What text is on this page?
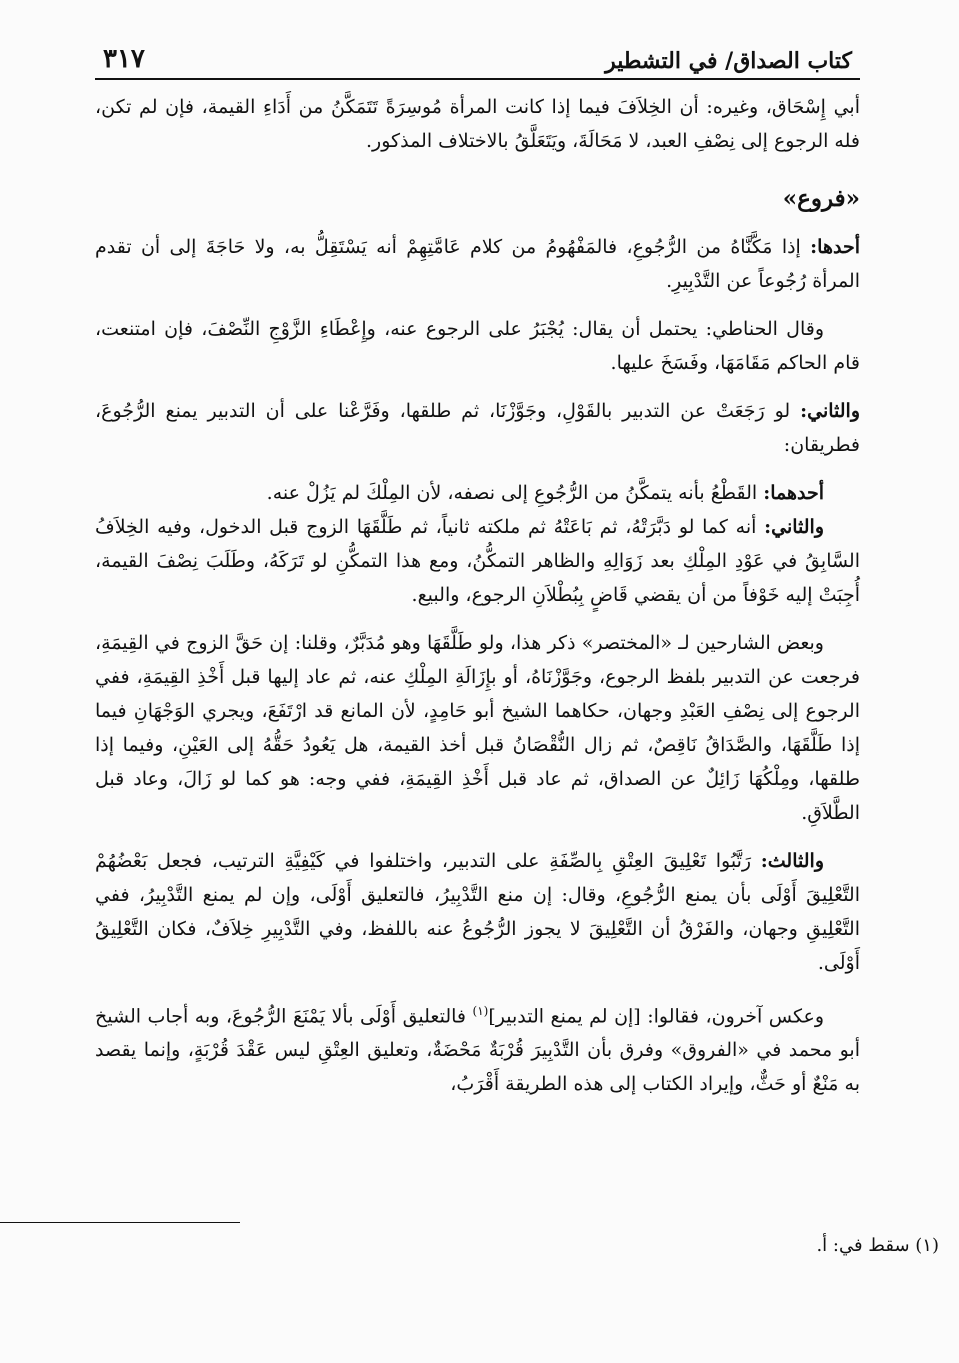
كتاب الصداق/ في التشطير
٣١٧

أبي إِسْحَاق، وغيره: أن الخِلاَفَ فيما إذا كانت المرأة مُوسِرَةً تَتَمَكَّنُ من أَدَاءِ القيمة، فإن لم تكن، فله الرجوع إلى نِصْفِ العبد، لا مَحَالَةَ، ويَتَعَلَّقُ بالاختلاف المذكور.

«فروع»

أحدها: إذا مَكَّنَّاهُ من الرُّجُوعِ، فالمَفْهُومُ من كلام عَامَّتِهِمْ أنه يَسْتَقِلُّ به، ولا حَاجَةَ إلى أن تقدم المرأة رُجُوعاً عن التَّدْبِيرِ.

وقال الحناطي: يحتمل أن يقال: يُجْبَرُ على الرجوع عنه، وإِعْطَاءِ الزَّوْجِ النِّصْفَ، فإن امتنعت، قام الحاكم مَقَامَهَا، وفَسَخَ عليها.

والثاني: لو رَجَعَتْ عن التدبير بالقَوْلِ، وجَوَّزْنَا، ثم طلقها، وفَرَّعْنا على أن التدبير يمنع الرُّجُوعَ، فطريقان:

أحدهما: القَطْعُ بأنه يتمكَّنُ من الرُّجُوعِ إلى نصفه، لأن المِلْكَ لم يَزُلْ عنه.

والثاني: أنه كما لو دَبَّرَتْهُ، ثم بَاعَتْهُ ثم ملكته ثانياً، ثم طَلَّقَهَا الزوج قبل الدخول، وفيه الخِلاَفُ السَّابِقُ في عَوْدِ المِلْكِ بعد زَوَالِهِ والظاهر التمكُّنُ، ومع هذا التمكُّنِ لو تَرَكَهُ، وطَلَبَ نِصْفَ القيمة، أُجِبَتْ إليه خَوْفاً من أن يقضي قَاضٍ بِبُطْلاَنِ الرجوع، والبيع.

وبعض الشارحين لـ «المختصر» ذكر هذا، ولو طَلَّقَهَا وهو مُدَبَّرٌ، وقلنا: إن حَقَّ الزوج في القِيمَةِ، فرجعت عن التدبير بلفظ الرجوع، وجَوَّزْنَاهُ، أو بإِزَالَةِ المِلْكِ عنه، ثم عاد إليها قبل أَخْذِ القِيمَةِ، ففي الرجوع إلى نِصْفِ العَبْدِ وجهان، حكاهما الشيخ أبو حَامِدٍ، لأن المانع قد ارْتَفَعَ، ويجري الوَجْهَانِ فيما إذا طَلَّقَهَا، والصَّدَاقُ نَاقِصٌ، ثم زال النُّقْصَانُ قبل أخذ القيمة، هل يَعُودُ حَقُّهُ إلى العَيْنِ، وفيما إذا طلقها، ومِلْكُهَا زَائِلٌ عن الصداق، ثم عاد قبل أَخْذِ القِيمَةِ، ففي وجه: هو كما لو زَالَ، وعاد قبل الطَّلاَقِ.

والثالث: رَتَّبُوا تَعْلِيقَ العِتْقِ بِالصِّفَةِ على التدبير، واختلفوا في كَيْفِيَّةِ الترتيب، فجعل بَعْضُهُمْ التَّعْلِيقَ أَوْلَى بأن يمنع الرُّجُوعِ، وقال: إن منع التَّدْبِيرُ، فالتعليق أَوْلَى، وإن لم يمنع التَّدْبِيرُ، ففي التَّعْلِيقِ وجهان، والفَرْقُ أن التَّعْلِيقَ لا يجوز الرُّجُوعُ عنه باللفظ، وفي التَّدْبِيرِ خِلاَفٌ، فكان التَّعْلِيقُ أَوْلَى.

وعكس آخرون، فقالوا: [إن لم يمنع التدبير]$^{(١)}$ فالتعليق أَوْلَى بألا يَمْنَعَ الرُّجُوعَ، وبه أجاب الشيخ أبو محمد في «الفروق» وفرق بأن التَّدْبِيرَ قُرْبَةٌ مَحْضَةٌ، وتعليق العِتْقِ ليس عَقْدَ قُرْبَةٍ، وإنما يقصد به مَنْعٌ أو حَثٌّ، وإيراد الكتاب إلى هذه الطريقة أَقْرَبُ،

(١) سقط في: أ.
